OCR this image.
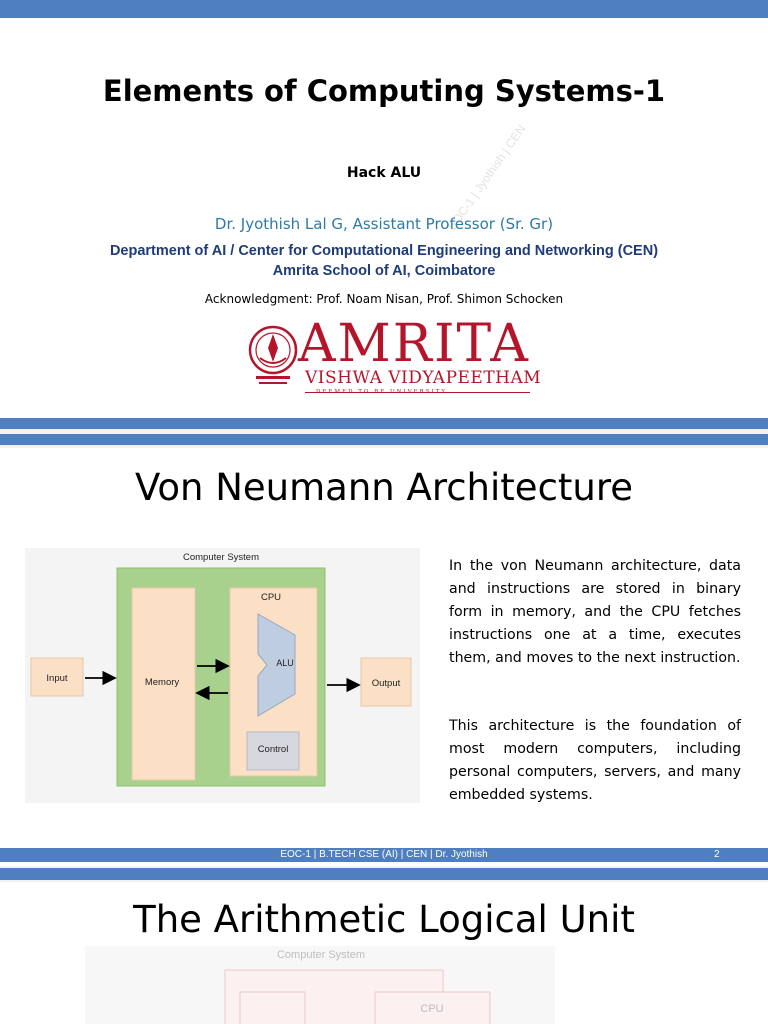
Elements of Computing Systems-1
Hack ALU
Dr. Jyothish Lal G, Assistant Professor (Sr. Gr)
Department of AI / Center for Computational Engineering and Networking (CEN)
Amrita School of AI, Coimbatore
Acknowledgment: Prof. Noam Nisan, Prof. Shimon Schocken
AMRITA
VISHWA VIDYAPEETHAM
DEEMED TO BE UNIVERSITY
EOC-1 | Jyothish | CEN
Von Neumann Architecture
Computer System
Memory
CPU
ALU
Control
Input	Output
In the von Neumann architecture, data and instructions are stored in binary form in memory, and the CPU fetches instructions one at a time, executes them, and moves to the next instruction.
This architecture is the foundation of most modern computers, including personal computers, servers, and many embedded systems.
EOC-1 | B.TECH CSE (AI) | CEN | Dr. Jyothish	2
The Arithmetic Logical Unit
Computer System
CPU
